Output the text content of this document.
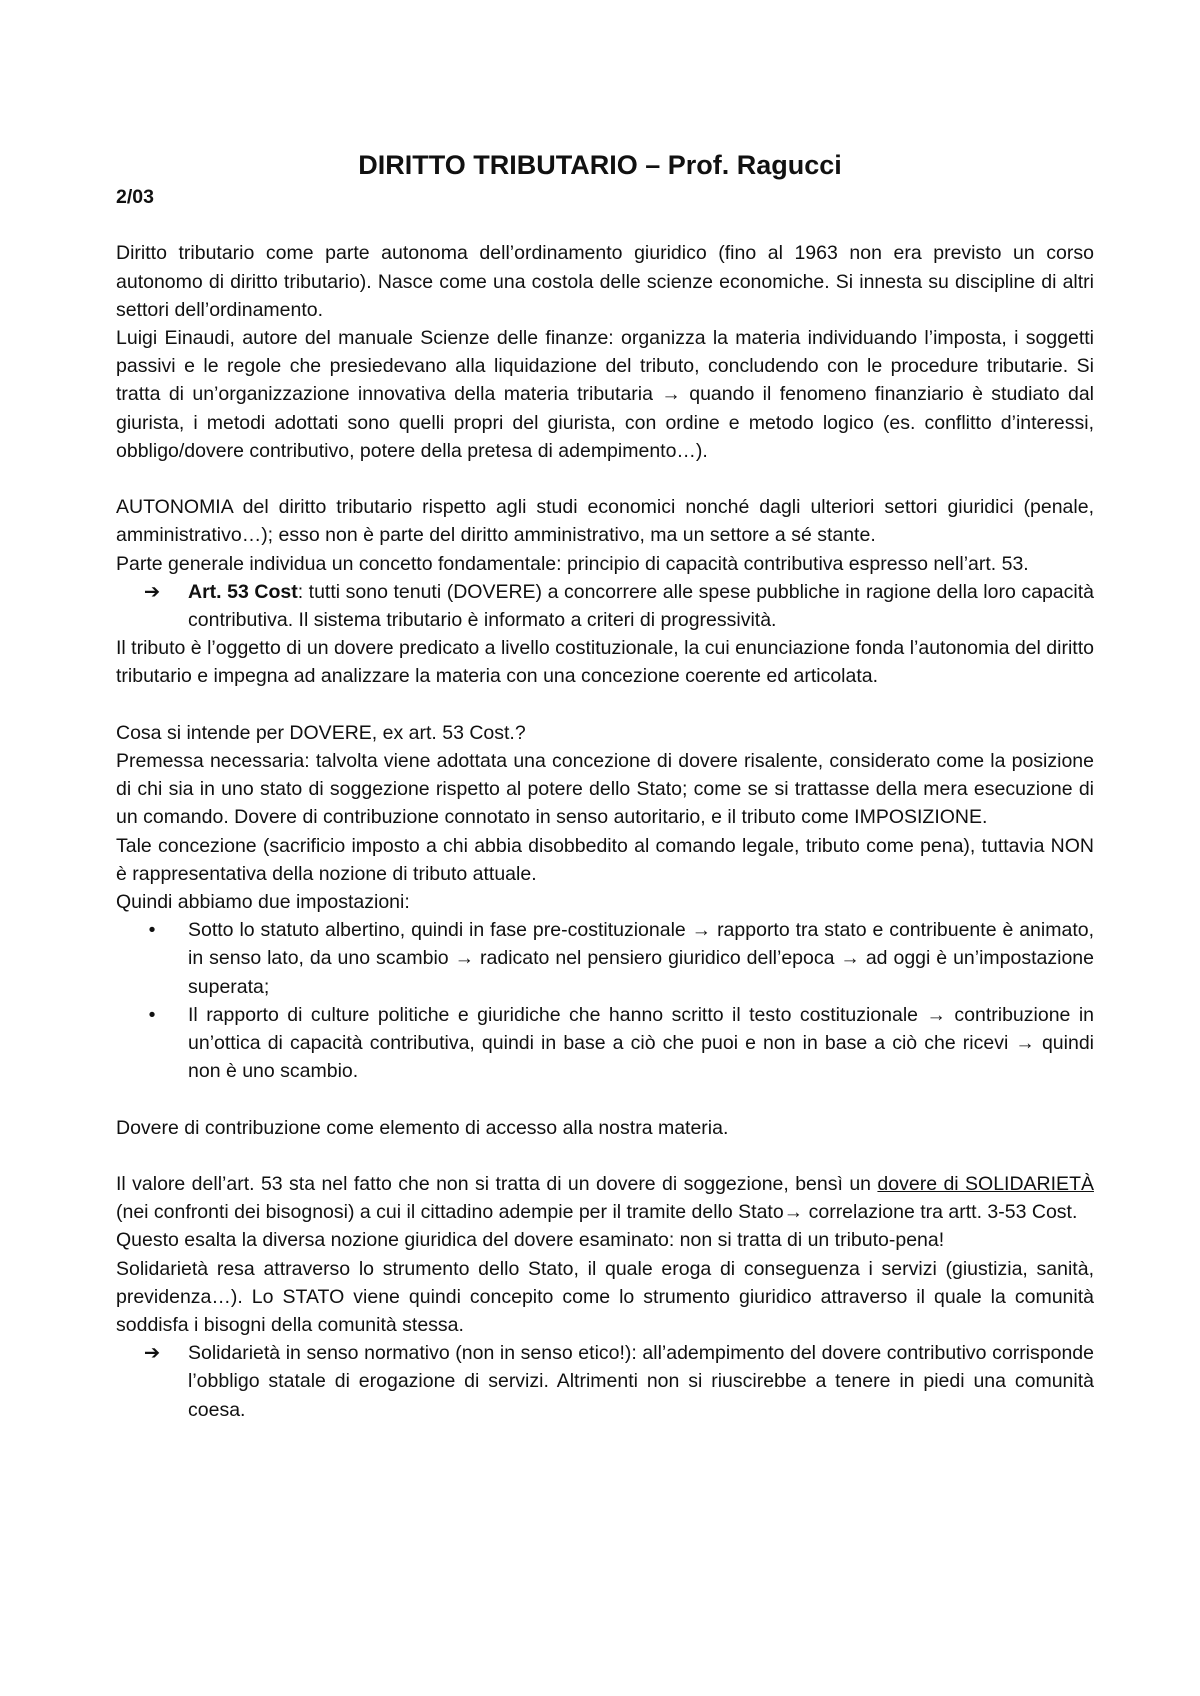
DIRITTO TRIBUTARIO – Prof. Ragucci

2/03

Diritto tributario come parte autonoma dell’ordinamento giuridico (fino al 1963 non era previsto un corso autonomo di diritto tributario). Nasce come una costola delle scienze economiche. Si innesta su discipline di altri settori dell’ordinamento.

Luigi Einaudi, autore del manuale Scienze delle finanze: organizza la materia individuando l’imposta, i soggetti passivi e le regole che presiedevano alla liquidazione del tributo, concludendo con le procedure tributarie. Si tratta di un’organizzazione innovativa della materia tributaria → quando il fenomeno finanziario è studiato dal giurista, i metodi adottati sono quelli propri del giurista, con ordine e metodo logico (es. conflitto d’interessi, obbligo/dovere contributivo, potere della pretesa di adempimento…).

AUTONOMIA del diritto tributario rispetto agli studi economici nonché dagli ulteriori settori giuridici (penale, amministrativo…); esso non è parte del diritto amministrativo, ma un settore a sé stante.

Parte generale individua un concetto fondamentale: principio di capacità contributiva espresso nell’art. 53.

➔	Art. 53 Cost: tutti sono tenuti (DOVERE) a concorrere alle spese pubbliche in ragione della loro capacità contributiva. Il sistema tributario è informato a criteri di progressività.

Il tributo è l’oggetto di un dovere predicato a livello costituzionale, la cui enunciazione fonda l’autonomia del diritto tributario e impegna ad analizzare la materia con una concezione coerente ed articolata.

Cosa si intende per DOVERE, ex art. 53 Cost.?

Premessa necessaria: talvolta viene adottata una concezione di dovere risalente, considerato come la posizione di chi sia in uno stato di soggezione rispetto al potere dello Stato; come se si trattasse della mera esecuzione di un comando. Dovere di contribuzione connotato in senso autoritario, e il tributo come IMPOSIZIONE.

Tale concezione (sacrificio imposto a chi abbia disobbedito al comando legale, tributo come pena), tuttavia NON è rappresentativa della nozione di tributo attuale.

Quindi abbiamo due impostazioni:

•	Sotto lo statuto albertino, quindi in fase pre-costituzionale → rapporto tra stato e contribuente è animato, in senso lato, da uno scambio → radicato nel pensiero giuridico dell’epoca → ad oggi è un’impostazione superata;
•	Il rapporto di culture politiche e giuridiche che hanno scritto il testo costituzionale → contribuzione in un’ottica di capacità contributiva, quindi in base a ciò che puoi e non in base a ciò che ricevi → quindi non è uno scambio.

Dovere di contribuzione come elemento di accesso alla nostra materia.

Il valore dell’art. 53 sta nel fatto che non si tratta di un dovere di soggezione, bensì un dovere di SOLIDARIETÀ (nei confronti dei bisognosi) a cui il cittadino adempie per il tramite dello Stato→ correlazione tra artt. 3-53 Cost.

Questo esalta la diversa nozione giuridica del dovere esaminato: non si tratta di un tributo-pena!

Solidarietà resa attraverso lo strumento dello Stato, il quale eroga di conseguenza i servizi (giustizia, sanità, previdenza…). Lo STATO viene quindi concepito come lo strumento giuridico attraverso il quale la comunità soddisfa i bisogni della comunità stessa.

➔	Solidarietà in senso normativo (non in senso etico!): all’adempimento del dovere contributivo corrisponde l’obbligo statale di erogazione di servizi. Altrimenti non si riuscirebbe a tenere in piedi una comunità coesa.
